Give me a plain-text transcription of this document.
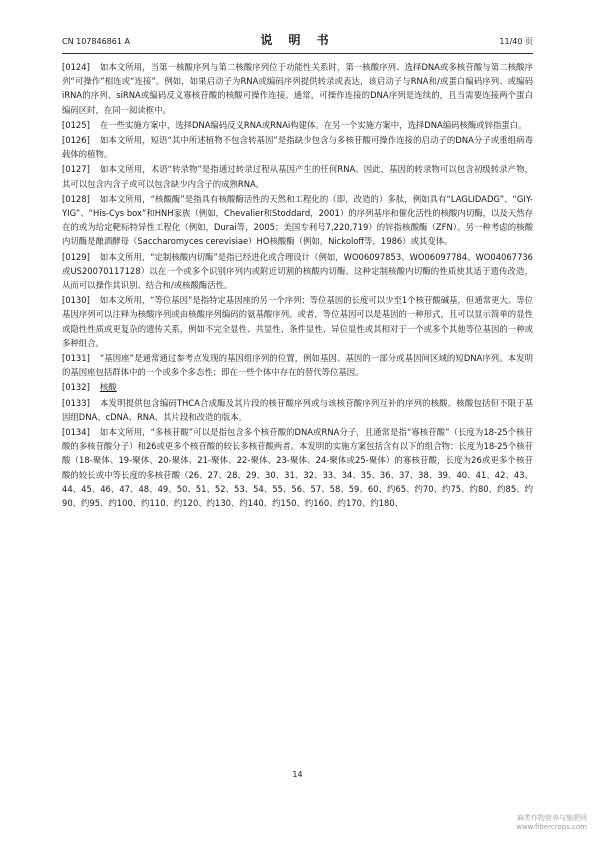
CN 107846861 A	说 明 书	11/40 页

[0124] 如本文所用，当第一核酸序列与第二核酸序列位于功能性关系时，第一核酸序列、选择DNA或多核苷酸与第二核酸序列“可操作”相连或“连接”。例如，如果启动子为RNA或编码序列提供转录或表达，该启动子与RNA和/或蛋白编码序列、或编码iRNA的序列、siRNA或编码反义寡核苷酸的核酸可操作连接。通常，可操作连接的DNA序列是连续的，且当需要连接两个蛋白编码区时，在同一阅读框中。

[0125] 在一些实施方案中，选择DNA编码反义RNA或RNAi构建体。在另一个实施方案中，选择DNA编码核酶或锌指蛋白。

[0126] 如本文所用，短语“其中所述植物不包含转基因”是指缺少包含与多核苷酸可操作连接的启动子的DNA分子或重组病毒载体的植物。

[0127] 如本文所用，术语“转录物”是指通过转录过程从基因产生的任何RNA。因此，基因的转录物可以包含初级转录产物，其可以包含内含子或可以包含缺少内含子的成熟RNA。

[0128] 如本文所用，“核酸酶”是指具有核酸酶活性的天然和工程化的（即，改造的）多肽，例如具有“LAGLIDADG”、“GIY-YIG”、“His-Cys box”和HNH家族（例如，Chevalier和Stoddard，2001）的序列基序和催化活性的核酸内切酶，以及天然存在的或为给定靶标特异性工程化（例如，Durai等，2005；美国专利号7,220,719）的锌指核酸酶（ZFN）。另一种考虑的核酸内切酶是酿酒酵母（Saccharomyces cerevisiae）HO核酸酶（例如，Nickoloff等，1986）或其变体。

[0129] 如本文所用，“定制核酸内切酶”是指已经进化或合理设计（例如，WO06097853、WO06097784、WO04067736或US20070117128）以在一个或多个识别序列内或附近切割的核酸内切酶。这种定制核酸内切酶的性质使其适于遗传改造，从而可以操作其识别、结合和/或核酸酶活性。

[0130] 如本文所用，“等位基因”是指特定基因座的另一个序列；等位基因的长度可以少至1个核苷酸碱基，但通常更大。等位基因序列可以注释为核酸序列或由核酸序列编码的氨基酸序列。或者，等位基因可以是基因的一种形式，且可以显示简单的显性或隐性性质或更复杂的遗传关系，例如不完全显性、共显性、条件显性、异位显性或其相对于一个或多个其他等位基因的一种或多种组合。

[0131] “基因座”是通常通过参考点发现的基因组序列的位置，例如基因、基因的一部分或基因间区域的短DNA序列。本发明的基因座包括群体中的一个或多个多态性；即在一些个体中存在的替代等位基因。

[0132] 核酸

[0133] 本发明提供包含编码THCA合成酶及其片段的核苷酸序列或与该核苷酸序列互补的序列的核酸。核酸包括但不限于基因组DNA、cDNA、RNA、其片段和改造的版本。

[0134] 如本文所用，“多核苷酸”可以是指包含多个核苷酸的DNA或RNA分子，且通常是指“寡核苷酸”（长度为18-25个核苷酸的多核苷酸分子）和26或更多个核苷酸的较长多核苷酸两者。本发明的实施方案包括含有以下的组合物：长度为18-25个核苷酸（18-聚体、19-聚体、20-聚体、21-聚体、22-聚体、23-聚体、24-聚体或25-聚体）的寡核苷酸，长度为26或更多个核苷酸的较长或中等长度的多核苷酸（26、27、28、29、30、31、32、33、34、35、36、37、38、39、40、41、42、43、44、45、46、47、48、49、50、51、52、53、54、55、56、57、58、59、60、约65、约70、约75、约80、约85、约90、约95、约100、约110、约120、约130、约140、约150、约160、约170、约180、

14
麻类作物营养与施肥网
www.fibercrops.com
